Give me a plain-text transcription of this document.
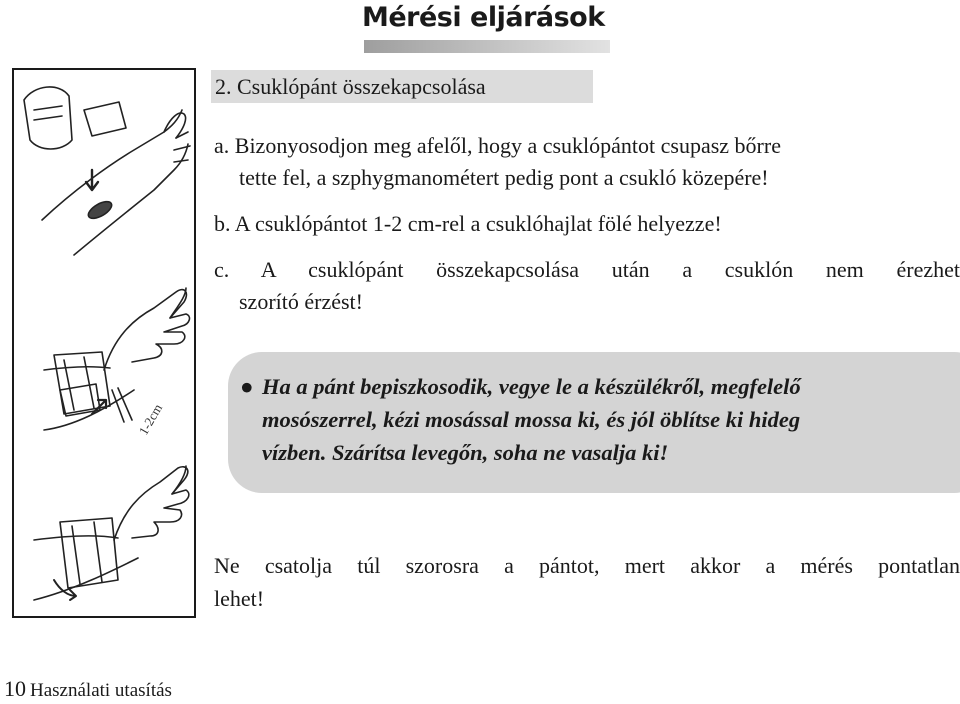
Mérési eljárások
1-2cm
2. Csuklópánt összekapcsolása
a. Bizonyosodjon meg afelől, hogy a csuklópántot csupasz bőrre
tette fel, a szphygmanométert pedig pont a csukló közepére!
b. A csuklópántot 1-2 cm-rel a csuklóhajlat fölé helyezze!
c. A csuklópánt összekapcsolása után a csuklón nem érezhet
szorító érzést!
● Ha a pánt bepiszkosodik, vegye le a készülékről, megfelelő
mosószerrel, kézi mosással mossa ki, és jól öblítse ki hideg
vízben. Szárítsa levegőn, soha ne vasalja ki!
Ne csatolja túl szorosra a pántot, mert akkor a mérés pontatlan
lehet!
10 Használati utasítás
